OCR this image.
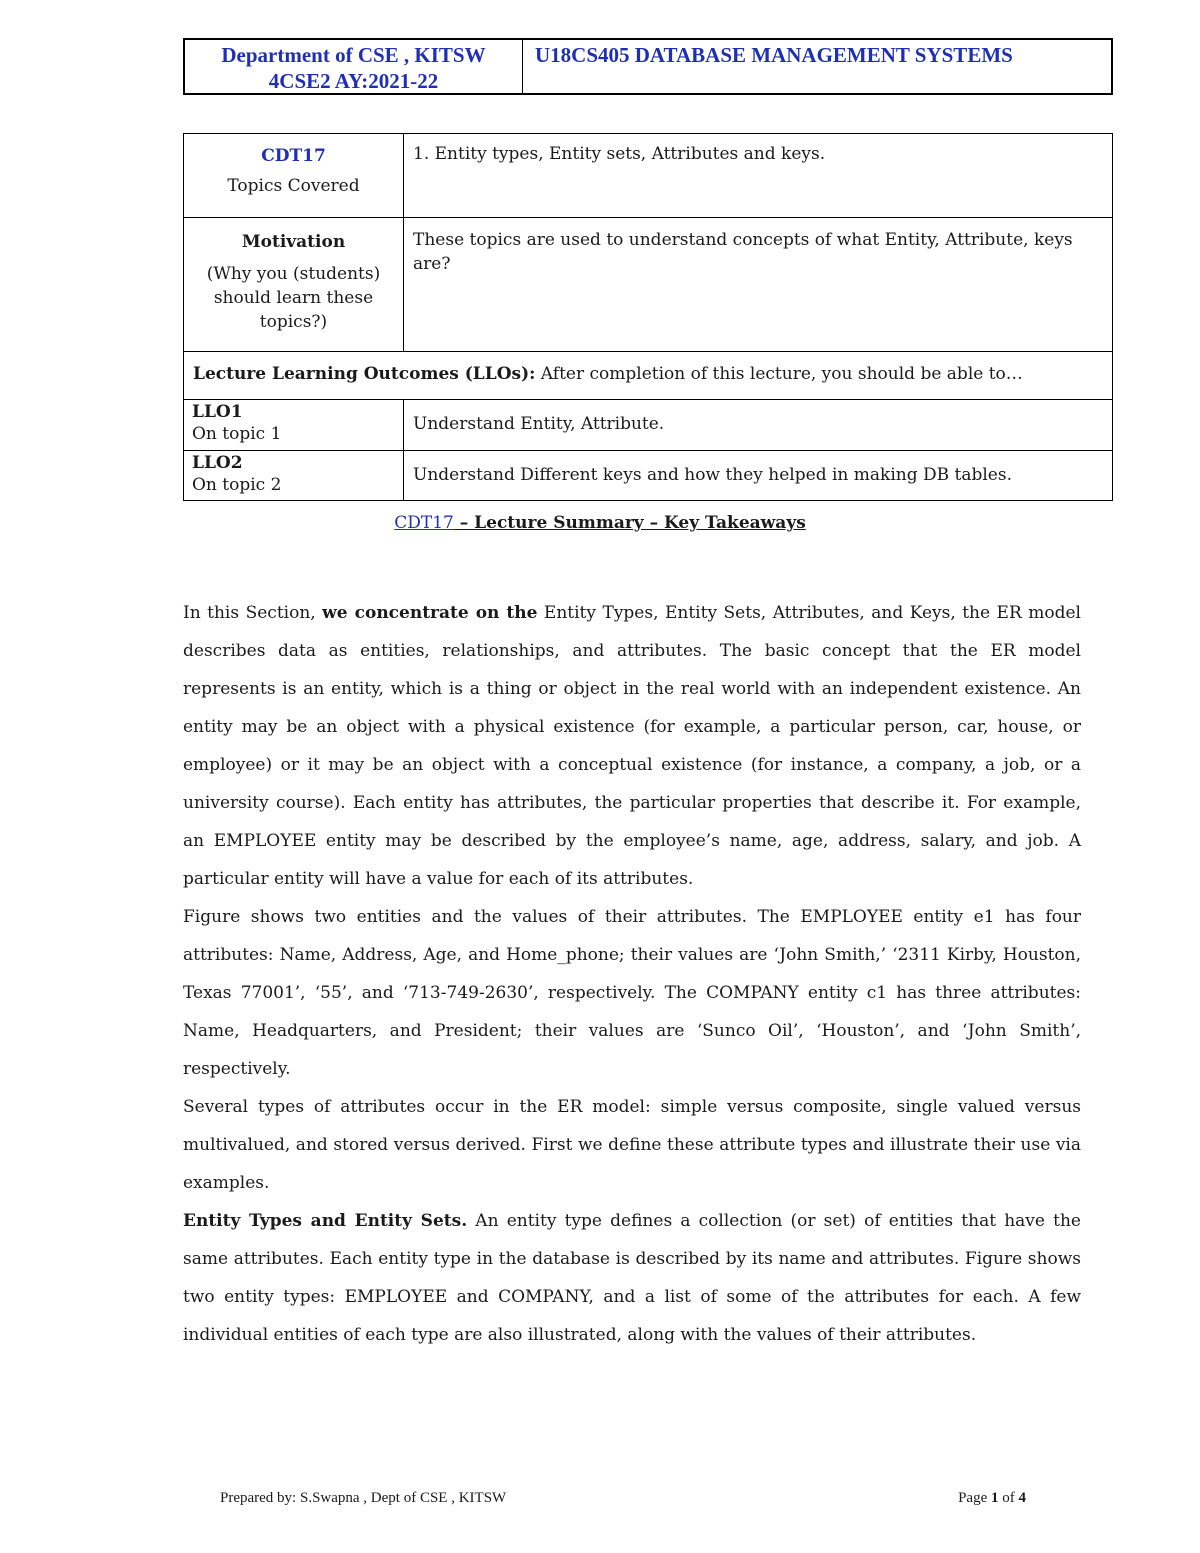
Department of CSE , KITSW
4CSE2 AY:2021-22
U18CS405 DATABASE MANAGEMENT SYSTEMS
CDT17
Topics Covered	1. Entity types, Entity sets, Attributes and keys.

Motivation
(Why you (students) should learn these topics?)	These topics are used to understand concepts of what Entity, Attribute, keys are?

Lecture Learning Outcomes (LLOs): After completion of this lecture, you should be able to…	

LLO1
On topic 1	Understand Entity, Attribute.

LLO2
On topic 2	Understand Different keys and how they helped in making DB tables.
CDT17 – Lecture Summary – Key Takeaways

In this Section, we concentrate on the Entity Types, Entity Sets, Attributes, and Keys, the ER model describes data as entities, relationships, and attributes. The basic concept that the ER model represents is an entity, which is a thing or object in the real world with an independent existence. An entity may be an object with a physical existence (for example, a particular person, car, house, or employee) or it may be an object with a conceptual existence (for instance, a company, a job, or a university course). Each entity has attributes, the particular properties that describe it. For example, an EMPLOYEE entity may be described by the employee’s name, age, address, salary, and job. A particular entity will have a value for each of its attributes.

Figure shows two entities and the values of their attributes. The EMPLOYEE entity e1 has four attributes: Name, Address, Age, and Home_phone; their values are ‘John Smith,’ ‘2311 Kirby, Houston, Texas 77001’, ‘55’, and ‘713-749-2630’, respectively. The COMPANY entity c1 has three attributes: Name, Headquarters, and President; their values are ‘Sunco Oil’, ‘Houston’, and ‘John Smith’, respectively.

Several types of attributes occur in the ER model: simple versus composite, single valued versus multivalued, and stored versus derived. First we define these attribute types and illustrate their use via examples.

Entity Types and Entity Sets. An entity type defines a collection (or set) of entities that have the same attributes. Each entity type in the database is described by its name and attributes. Figure shows two entity types: EMPLOYEE and COMPANY, and a list of some of the attributes for each. A few individual entities of each type are also illustrated, along with the values of their attributes.

Prepared by: S.Swapna , Dept of CSE , KITSW	Page 1 of 4
